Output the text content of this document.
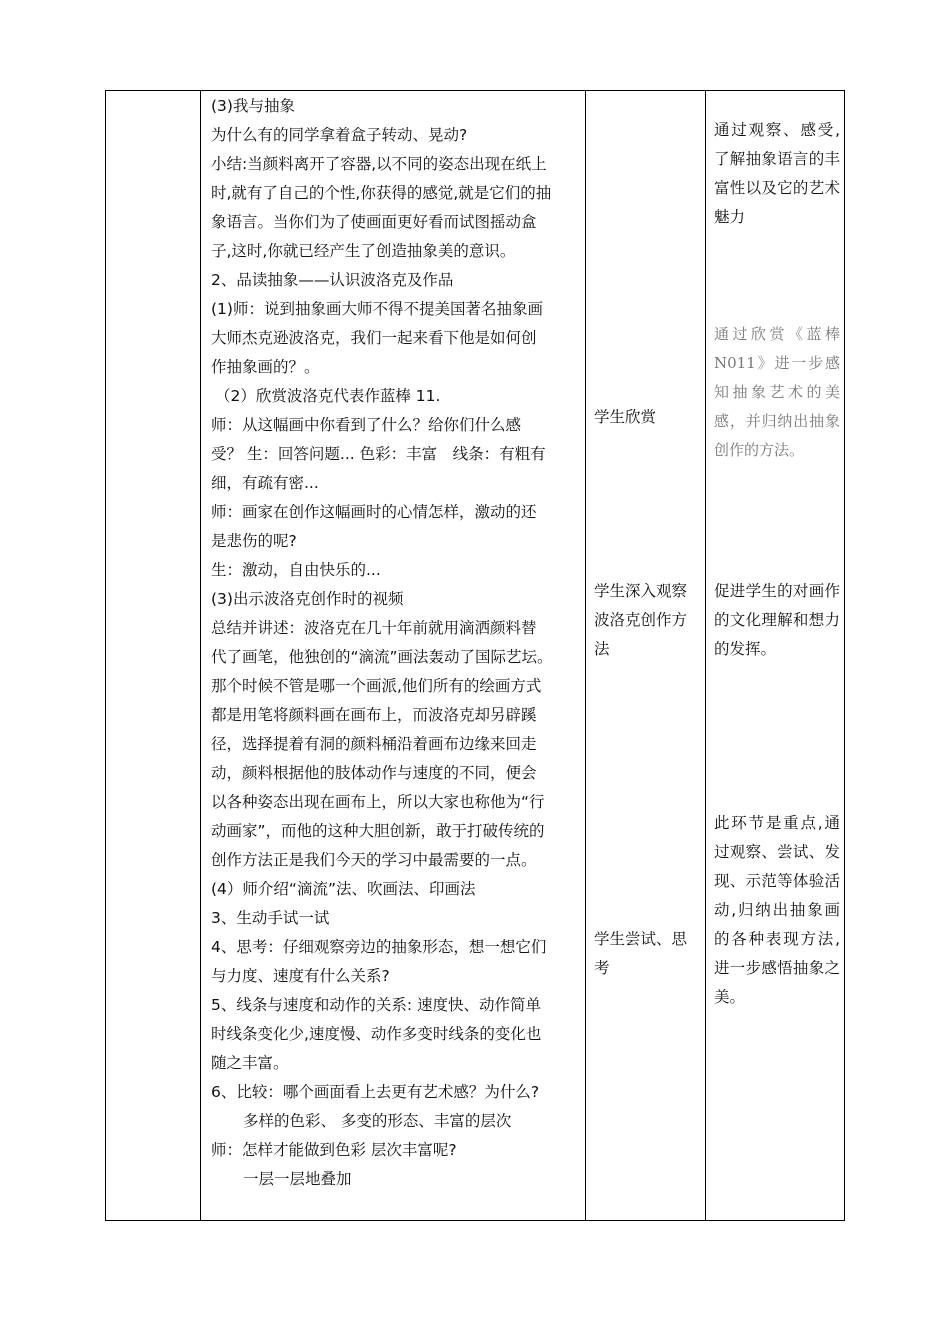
(3)我与抽象
为什么有的同学拿着盒子转动、晃动?
小结:当颜料离开了容器,以不同的姿态出现在纸上
时,就有了自己的个性,你获得的感觉,就是它们的抽
象语言。当你们为了使画面更好看而试图摇动盒
子,这时,你就已经产生了创造抽象美的意识。
2、品读抽象——认识波洛克及作品
(1)师：说到抽象画大师不得不提美国著名抽象画
大师杰克逊波洛克，我们一起来看下他是如何创
作抽象画的？。
（2）欣赏波洛克代表作蓝棒 11.
师：从这幅画中你看到了什么？给你们什么感
受？ 生：回答问题... 色彩：丰富　线条：有粗有
细，有疏有密...
师：画家在创作这幅画时的心情怎样，激动的还
是悲伤的呢?
生：激动，自由快乐的...
(3)出示波洛克创作时的视频
总结并讲述：波洛克在几十年前就用滴洒颜料替
代了画笔，他独创的“滴流”画法轰动了国际艺坛。
那个时候不管是哪一个画派,他们所有的绘画方式
都是用笔将颜料画在画布上，而波洛克却另辟蹊
径，选择提着有洞的颜料桶沿着画布边缘来回走
动，颜料根据他的肢体动作与速度的不同，便会
以各种姿态出现在画布上，所以大家也称他为“行
动画家”，而他的这种大胆创新，敢于打破传统的
创作方法正是我们今天的学习中最需要的一点。
(4）师介绍“滴流”法、吹画法、印画法
3、生动手试一试
4、思考：仔细观察旁边的抽象形态，想一想它们
与力度、速度有什么关系?
5、线条与速度和动作的关系: 速度快、动作简单
时线条变化少,速度慢、动作多变时线条的变化也
随之丰富。
6、比较：哪个画面看上去更有艺术感？为什么?
多样的色彩、 多变的形态、丰富的层次
师：怎样才能做到色彩 层次丰富呢?
一层一层地叠加
学生欣赏
学生深入观察波洛克创作方法
学生尝试、思考
通过观察、感受,了解抽象语言的丰富性以及它的艺术魅力
通过欣赏《蓝棒N011》进一步感知抽象艺术的美感，并归纳出抽象创作的方法。
促进学生的对画作的文化理解和想力的发挥。
此环节是重点,通过观察、尝试、发现、示范等体验活动,归纳出抽象画的各种表现方法,进一步感悟抽象之美。
